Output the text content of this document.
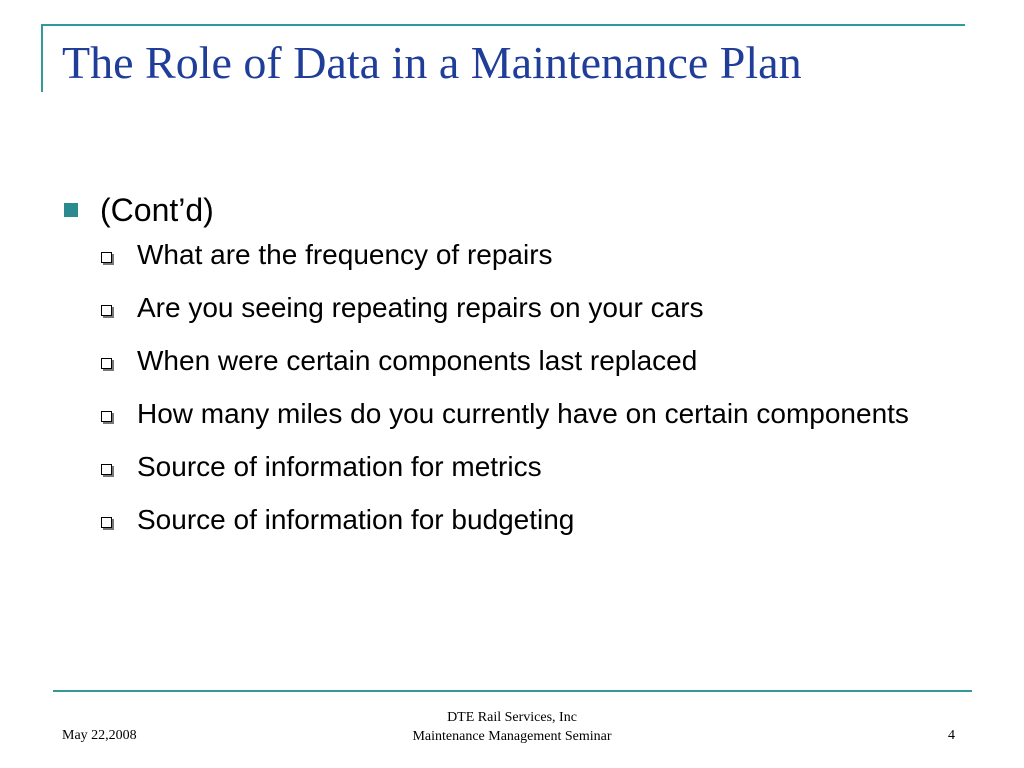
The Role of Data in a Maintenance Plan
(Cont’d)
What are the frequency of repairs
Are you seeing repeating repairs on your cars
When were certain components last replaced
How many miles do you currently have on certain components
Source of information for metrics
Source of information for budgeting
May 22,2008
DTE Rail Services, Inc
Maintenance Management Seminar	4
